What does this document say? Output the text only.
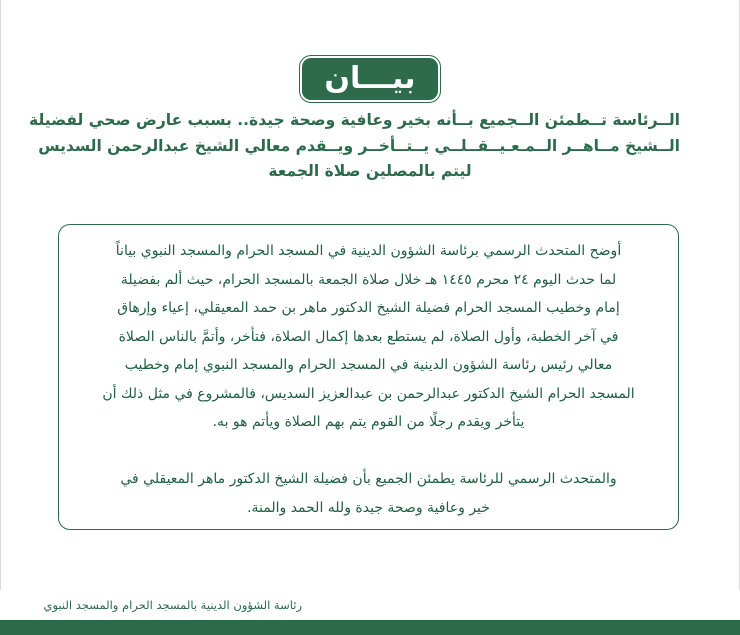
بيـــان

الــرئاسة تــطمئن الــجميع بــأنه بخير وعافية وصحة جيدة.. بسبب عارض صحي لفضيلة
الــشيخ مــاهــر الــمـعـيــقــلــي يــتــأخــر ويــقدم معالي الشيخ عبدالرحمن السديس
ليتم بالمصلين صلاة الجمعة

أوضح المتحدث الرسمي برئاسة الشؤون الدينية في المسجد الحرام والمسجد النبوي بياناً
لما حدث اليوم ٢٤ محرم ١٤٤٥ هـ خلال صلاة الجمعة بالمسجد الحرام، حيث ألم بفضيلة
إمام وخطيب المسجد الحرام فضيلة الشيخ الدكتور ماهر بن حمد المعيقلي، إعياء وإرهاق
في آخر الخطبة، وأول الصلاة، لم يستطع بعدها إكمال الصلاة، فتأخر، وأتمَّ بالناس الصلاة
معالي رئيس رئاسة الشؤون الدينية في المسجد الحرام والمسجد النبوي إمام وخطيب
المسجد الحرام الشيخ الدكتور عبدالرحمن بن عبدالعزيز السديس، فالمشروع في مثل ذلك أن
يتأخر ويقدم رجلًا من القوم يتم بهم الصلاة ويأتم هو به.
والمتحدث الرسمي للرئاسة يطمئن الجميع بأن فضيلة الشيخ الدكتور ماهر المعيقلي في
خير وعافية وصحة جيدة ولله الحمد والمنة.

رئاسة الشؤون الدينية بالمسجد الحرام والمسجد النبوي
